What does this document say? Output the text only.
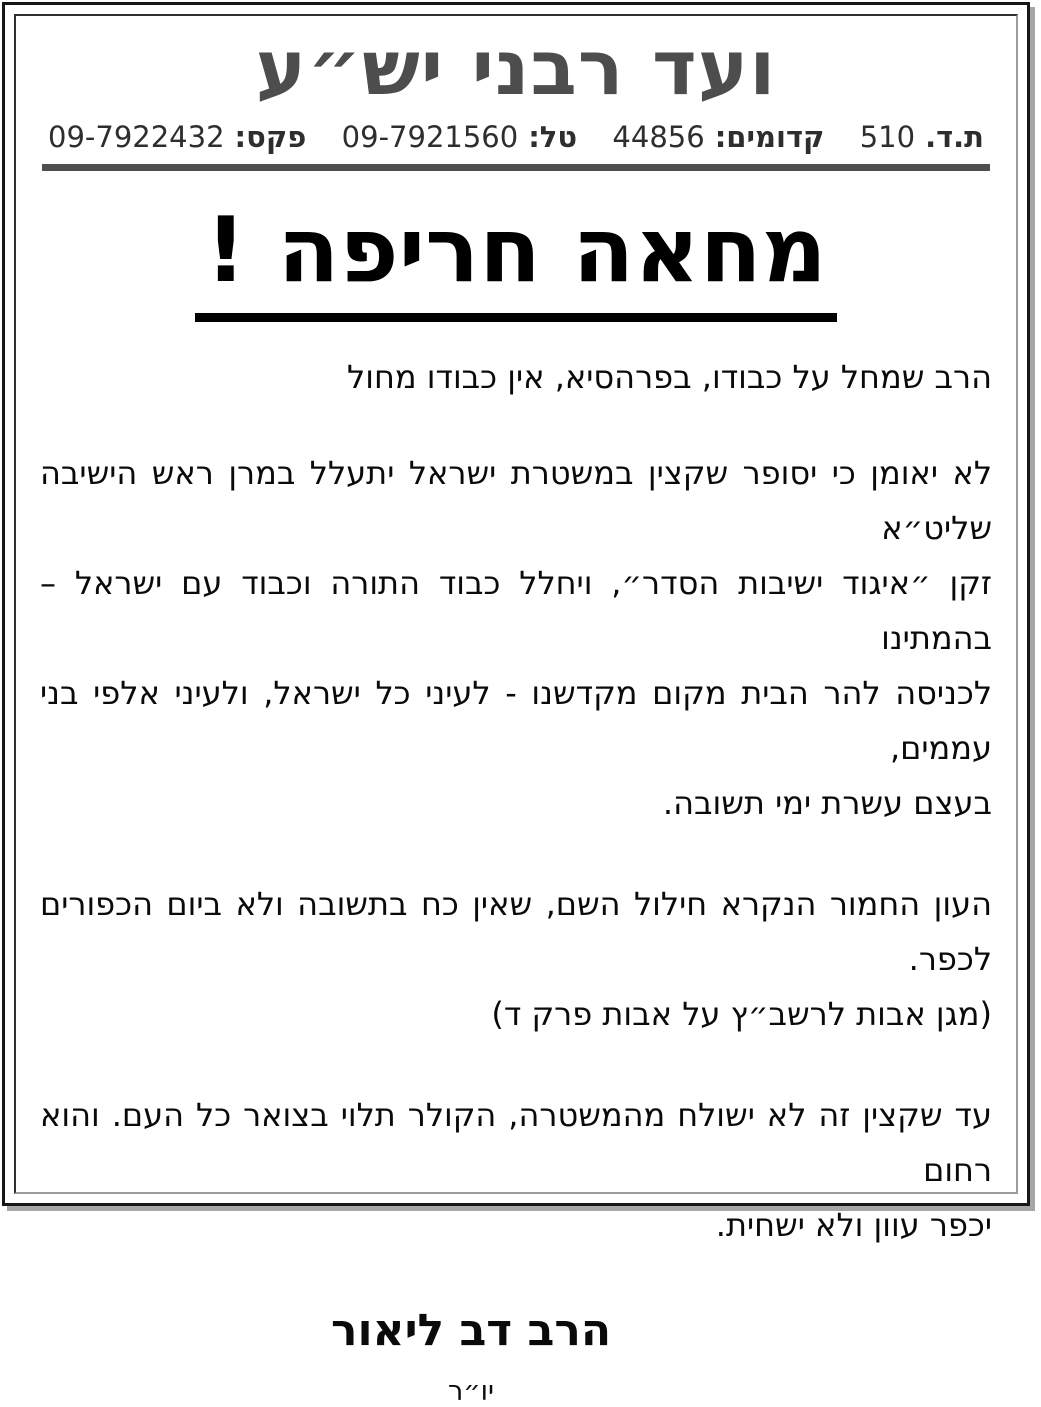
ועד רבני יש״ע
ת.ד.
510
קדומים:
44856
טל:
09-7921560
פקס:
09-7922432
מחאה חריפה !
הרב שמחל על כבודו, בפרהסיא, אין כבודו מחול
לא יאומן כי יסופר שקצין במשטרת ישראל יתעלל במרן ראש הישיבה שליט״א
זקן ״איגוד ישיבות הסדר״, ויחלל כבוד התורה וכבוד עם ישראל – בהמתינו
לכניסה להר הבית מקום מקדשנו - לעיני כל ישראל, ולעיני אלפי בני עממים,
בעצם עשרת ימי תשובה.
העון החמור הנקרא חילול השם, שאין כח בתשובה ולא ביום הכפורים לכפר.
(מגן אבות לרשב״ץ על אבות פרק ד)
עד שקצין זה לא ישולח מהמשטרה, הקולר תלוי בצואר כל העם. והוא רחום
יכפר עוון ולא ישחית.
הרב דב ליאור
יו״ר
